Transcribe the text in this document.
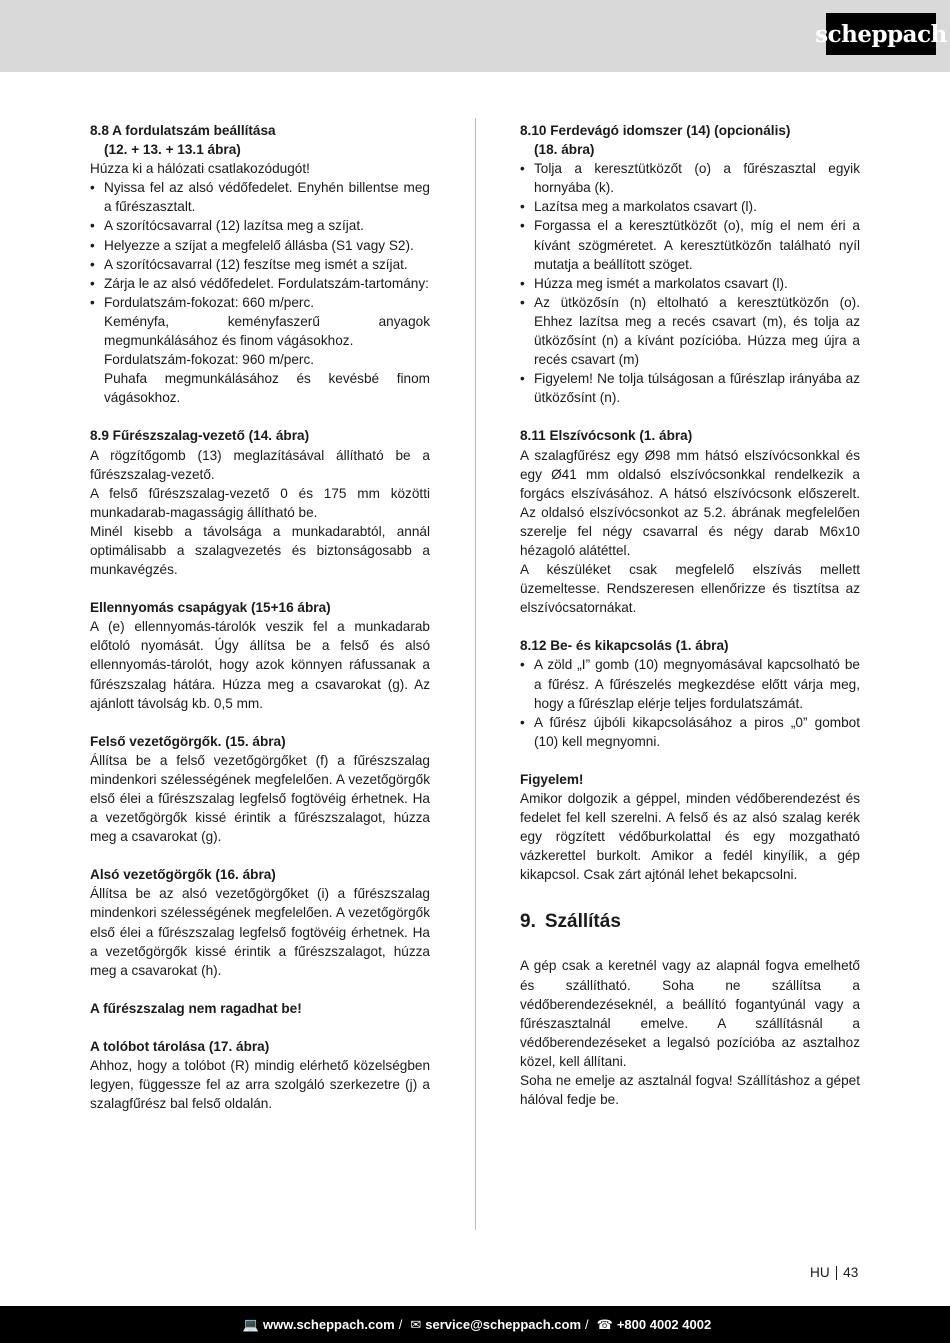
scheppach
8.8 A fordulatszám beállítása
(12. + 13. + 13.1 ábra)

Húzza ki a hálózati csatlakozódugót!

• Nyissa fel az alsó védőfedelet. Enyhén billentse meg a fűrészasztalt.
• A szorítócsavarral (12) lazítsa meg a szíjat.
• Helyezze a szíjat a megfelelő állásba (S1 vagy S2).
• A szorítócsavarral (12) feszítse meg ismét a szíjat.
• Zárja le az alsó védőfedelet. Fordulatszám-tartomány:
• Fordulatszám-fokozat: 660 m/perc.
Keményfa, keményfaszerű anyagok megmunkálásához és finom vágásokhoz.
Fordulatszám-fokozat: 960 m/perc.
Puhafa megmunkálásához és kevésbé finom vágásokhoz.
8.9 Fűrészszalag-vezető (14. ábra)

A rögzítőgomb (13) meglazításával állítható be a fűrészszalag-vezető.

A felső fűrészszalag-vezető 0 és 175 mm közötti munkadarab-magasságig állítható be.

Minél kisebb a távolsága a munkadarabtól, annál optimálisabb a szalagvezetés és biztonságosabb a munkavégzés.

Ellennyomás csapágyak (15+16 ábra)

A (e) ellennyomás-tárolók veszik fel a munkadarab előtoló nyomását. Úgy állítsa be a felső és alsó ellennyomás-tárolót, hogy azok könnyen ráfussanak a fűrészszalag hátára. Húzza meg a csavarokat (g). Az ajánlott távolság kb. 0,5 mm.

Felső vezetőgörgők. (15. ábra)

Állítsa be a felső vezetőgörgőket (f) a fűrészszalag mindenkori szélességének megfelelően. A vezetőgörgők első élei a fűrészszalag legfelső fogtövéig érhetnek. Ha a vezetőgörgők kissé érintik a fűrészszalagot, húzza meg a csavarokat (g).

Alsó vezetőgörgők (16. ábra)

Állítsa be az alsó vezetőgörgőket (i) a fűrészszalag mindenkori szélességének megfelelően. A vezetőgörgők első élei a fűrészszalag legfelső fogtövéig érhetnek. Ha a vezetőgörgők kissé érintik a fűrészszalagot, húzza meg a csavarokat (h).

A fűrészszalag nem ragadhat be!
A tolóbot tárolása (17. ábra)

Ahhoz, hogy a tolóbot (R) mindig elérhető közelségben legyen, függessze fel az arra szolgáló szerkezetre (j) a szalagfűrész bal felső oldalán.

8.10 Ferdevágó idomszer (14) (opcionális)
(18. ábra)
• Tolja a keresztütközőt (o) a fűrészasztal egyik hornyába (k).
• Lazítsa meg a markolatos csavart (l).
• Forgassa el a keresztütközőt (o), míg el nem éri a kívánt szögméretet. A keresztütközőn található nyíl mutatja a beállított szöget.
• Húzza meg ismét a markolatos csavart (l).
• Az ütközősín (n) eltolható a keresztütközőn (o). Ehhez lazítsa meg a recés csavart (m), és tolja az ütközősínt (n) a kívánt pozícióba. Húzza meg újra a recés csavart (m)
• Figyelem! Ne tolja túlságosan a fűrészlap irányába az ütközősínt (n).
8.11 Elszívócsonk (1. ábra)

A szalagfűrész egy Ø98 mm hátsó elszívócsonkkal és egy Ø41 mm oldalsó elszívócsonkkal rendelkezik a forgács elszívásához. A hátsó elszívócsonk előszerelt. Az oldalsó elszívócsonkot az 5.2. ábrának megfelelően szerelje fel négy csavarral és négy darab M6x10 hézagoló alátéttel.

A készüléket csak megfelelő elszívás mellett üzemeltesse. Rendszeresen ellenőrizze és tisztítsa az elszívócsatornákat.

8.12 Be- és kikapcsolás (1. ábra)
• A zöld „I” gomb (10) megnyomásával kapcsolható be a fűrész. A fűrészelés megkezdése előtt várja meg, hogy a fűrészlap elérje teljes fordulatszámát.
• A fűrész újbóli kikapcsolásához a piros „0” gombot (10) kell megnyomni.
Figyelem!

Amikor dolgozik a géppel, minden védőberendezést és fedelet fel kell szerelni. A felső és az alsó szalag kerék egy rögzített védőburkolattal és egy mozgatható vázkerettel burkolt. Amikor a fedél kinyílik, a gép kikapcsol. Csak zárt ajtónál lehet bekapcsolni.

9. Szállítás

A gép csak a keretnél vagy az alapnál fogva emelhető és szállítható. Soha ne szállítsa a védőberendezéseknél, a beállító fogantyúnál vagy a fűrészasztalnál emelve. A szállításnál a védőberendezéseket a legalsó pozícióba az asztalhoz közel, kell állítani.

Soha ne emelje az asztalnál fogva! Szállításhoz a gépet hálóval fedje be.

HU 43
💻 www.scheppach.com / ✉ service@scheppach.com / ☎ +800 4002 4002
